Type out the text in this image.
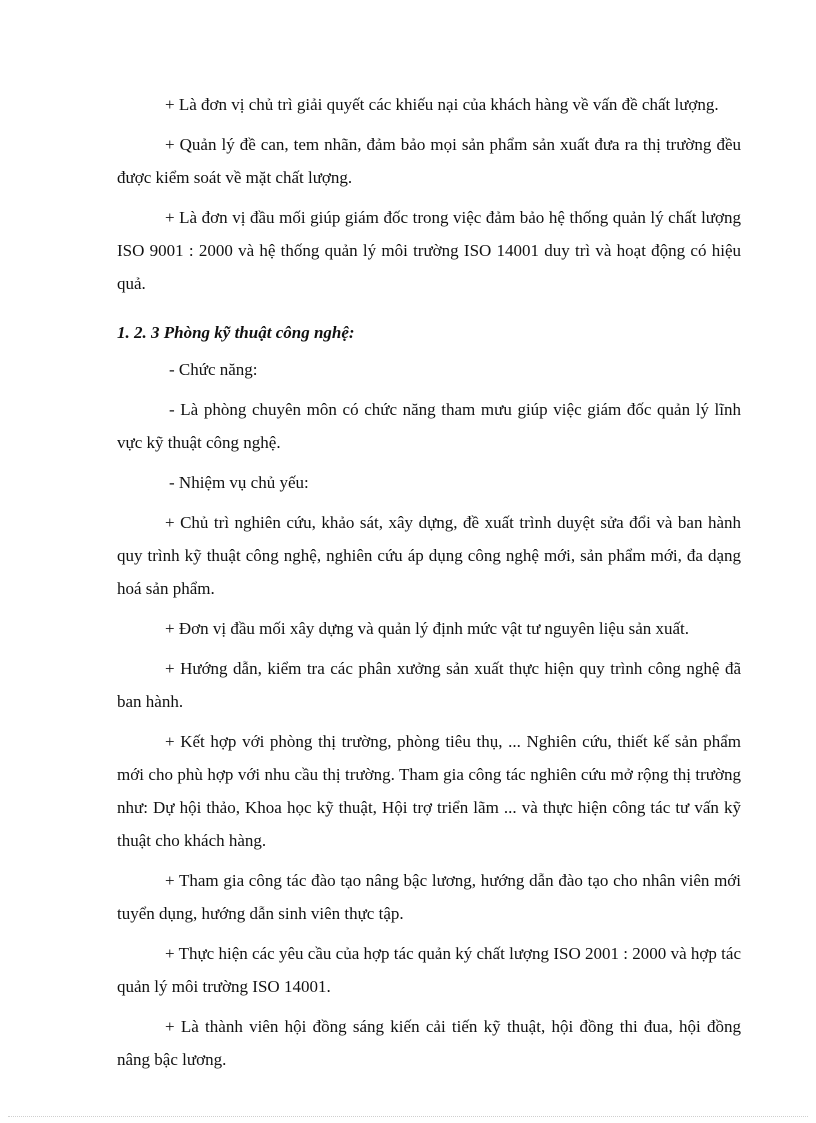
+ Là đơn vị chủ trì giải quyết các khiếu nại của khách hàng về vấn đề chất lượng.

+ Quản lý đề can, tem nhãn, đảm bảo mọi sản phẩm sản xuất đưa ra thị trường đều được kiểm soát về mặt chất lượng.

+ Là đơn vị đầu mối giúp giám đốc trong việc đảm bảo hệ thống quản lý chất lượng ISO 9001 : 2000 và hệ thống quản lý môi trường ISO 14001 duy trì và hoạt động có hiệu quả.

1. 2. 3 Phòng kỹ thuật công nghệ:

- Chức năng:

- Là phòng chuyên môn có chức năng tham mưu giúp việc giám đốc quản lý lĩnh vực kỹ thuật công nghệ.

- Nhiệm vụ chủ yếu:

+ Chủ trì nghiên cứu, khảo sát, xây dựng, đề xuất trình duyệt sửa đổi và ban hành quy trình kỹ thuật công nghệ, nghiên cứu áp dụng công nghệ mới, sản phẩm mới, đa dạng hoá sản phẩm.

+ Đơn vị đầu mối xây dựng và quản lý định mức vật tư nguyên liệu sản xuất.

+ Hướng dẫn, kiểm tra các phân xưởng sản xuất thực hiện quy trình công nghệ đã ban hành.

+ Kết hợp với phòng thị trường, phòng tiêu thụ, ... Nghiên cứu, thiết kế sản phẩm mới cho phù hợp với nhu cầu thị trường. Tham gia công tác nghiên cứu mở rộng thị trường như: Dự hội thảo, Khoa học kỹ thuật, Hội trợ triển lãm ... và thực hiện công tác tư vấn kỹ thuật cho khách hàng.

+ Tham gia công tác đào tạo nâng bậc lương, hướng dẫn đào tạo cho nhân viên mới tuyển dụng, hướng dẫn sinh viên thực tập.

+ Thực hiện các yêu cầu của hợp tác quản ký chất lượng ISO 2001 : 2000 và hợp tác quản lý môi trường ISO 14001.

+ Là thành viên hội đồng sáng kiến cải tiến kỹ thuật, hội đồng thi đua, hội đồng nâng bậc lương.
